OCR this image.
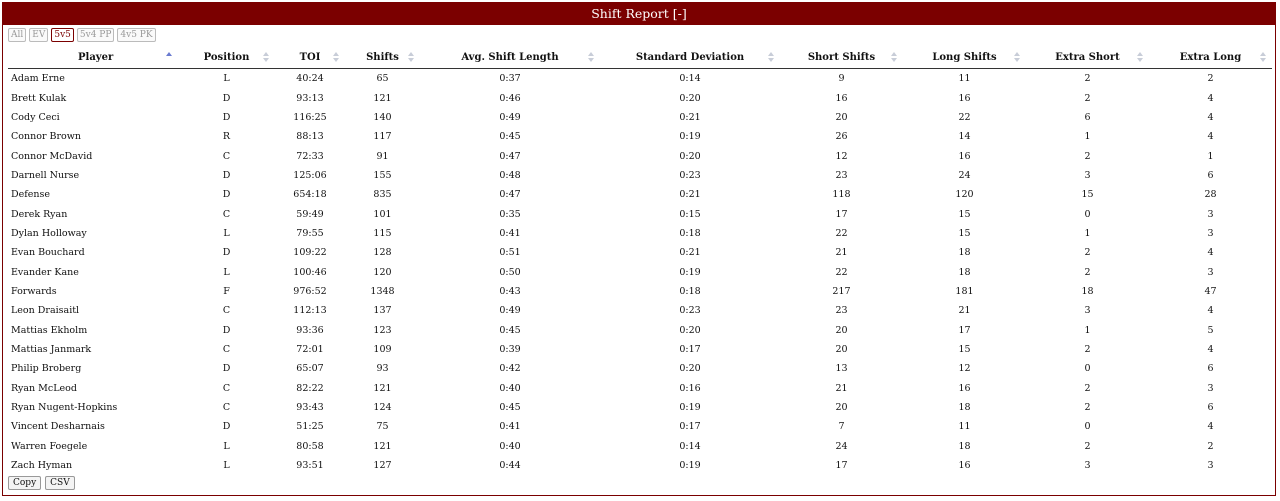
Shift Report [-]
All	EV	5v5	5v4 PP	4v5 PK
Player	Position	TOI	Shifts	Avg. Shift Length	Standard Deviation	Short Shifts	Long Shifts	Extra Short	Extra Long

Adam Erne	L	40:24	65	0:37	0:14	9	11	2	2
Brett Kulak	D	93:13	121	0:46	0:20	16	16	2	4
Cody Ceci	D	116:25	140	0:49	0:21	20	22	6	4
Connor Brown	R	88:13	117	0:45	0:19	26	14	1	4
Connor McDavid	C	72:33	91	0:47	0:20	12	16	2	1
Darnell Nurse	D	125:06	155	0:48	0:23	23	24	3	6
Defense	D	654:18	835	0:47	0:21	118	120	15	28
Derek Ryan	C	59:49	101	0:35	0:15	17	15	0	3
Dylan Holloway	L	79:55	115	0:41	0:18	22	15	1	3
Evan Bouchard	D	109:22	128	0:51	0:21	21	18	2	4
Evander Kane	L	100:46	120	0:50	0:19	22	18	2	3
Forwards	F	976:52	1348	0:43	0:18	217	181	18	47
Leon Draisaitl	C	112:13	137	0:49	0:23	23	21	3	4
Mattias Ekholm	D	93:36	123	0:45	0:20	20	17	1	5
Mattias Janmark	C	72:01	109	0:39	0:17	20	15	2	4
Philip Broberg	D	65:07	93	0:42	0:20	13	12	0	6
Ryan McLeod	C	82:22	121	0:40	0:16	21	16	2	3
Ryan Nugent-Hopkins	C	93:43	124	0:45	0:19	20	18	2	6
Vincent Desharnais	D	51:25	75	0:41	0:17	7	11	0	4
Warren Foegele	L	80:58	121	0:40	0:14	24	18	2	2
Zach Hyman	L	93:51	127	0:44	0:19	17	16	3	3
Copy	CSV
